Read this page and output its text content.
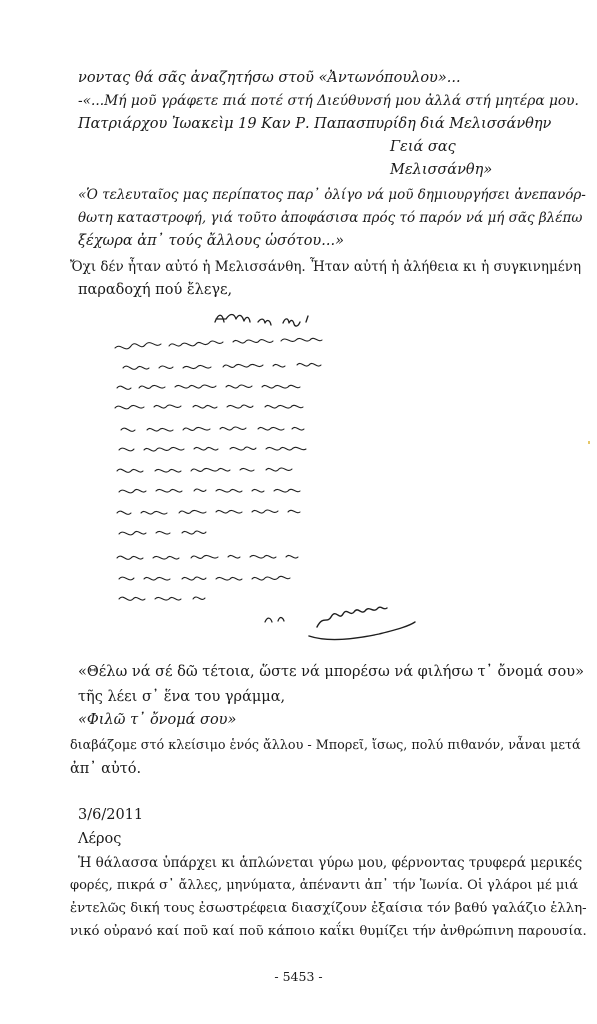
νοντας θά σᾶς ἀναζητήσω στοῦ «Ἀντωνόπουλου»...
-«...Μή μοῦ γράφετε πιά ποτέ στή Διεύθυνσή μου ἀλλά στή μητέρα μου.
Πατριάρχου Ἰωακεὶμ 19 Καν Ρ. Παπασπυρίδη διά Μελισσάνθην
Γειά σας
Μελισσάνθη»
«Ὁ τελευταῖος μας περίπατος παρ᾽ ὀλίγο νά μοῦ δημιουργήσει ἀνεπανόρ-
θωτη καταστροφή, γιά τοῦτο ἀποφάσισα πρός τό παρόν νά μή σᾶς βλέπω
ξέχωρα ἀπ᾽ τούς ἄλλους ὡσότου...»
Ὄχι δέν ἦταν αὐτό ἡ Μελισσάνθη. Ἦταν αὐτή ἡ ἀλήθεια κι ἡ συγκινημένη
παραδοχή πού ἔλεγε,
«Θέλω νά σέ δῶ τέτοια, ὥστε νά μπορέσω νά φιλήσω τ᾽ ὄνομά σου»
τῆς λέει σ᾽ ἕνα του γράμμα,
«Φιλῶ τ᾽ ὄνομά σου»
διαβάζομε στό κλείσιμο ἑνός ἄλλου - Μπορεῖ, ἴσως, πολύ πιθανόν, νἆναι μετά
ἀπ᾽ αὐτό.
3/6/2011
Λέρος
Ἡ θάλασσα ὑπάρχει κι ἁπλώνεται γύρω μου, φέρνοντας τρυφερά μερικές
φορές, πικρά σ᾽ ἄλλες, μηνύματα, ἀπέναντι ἀπ᾽ τήν Ἰωνία. Οἱ γλάροι μέ μιά
ἐντελῶς δική τους ἐσωστρέφεια διασχίζουν ἐξαίσια τόν βαθύ γαλάζιο ἑλλη-
νικό οὐρανό καί ποῦ καί ποῦ κάποιο καΐκι θυμίζει τήν ἀνθρώπινη παρουσία.
- 5453 -
